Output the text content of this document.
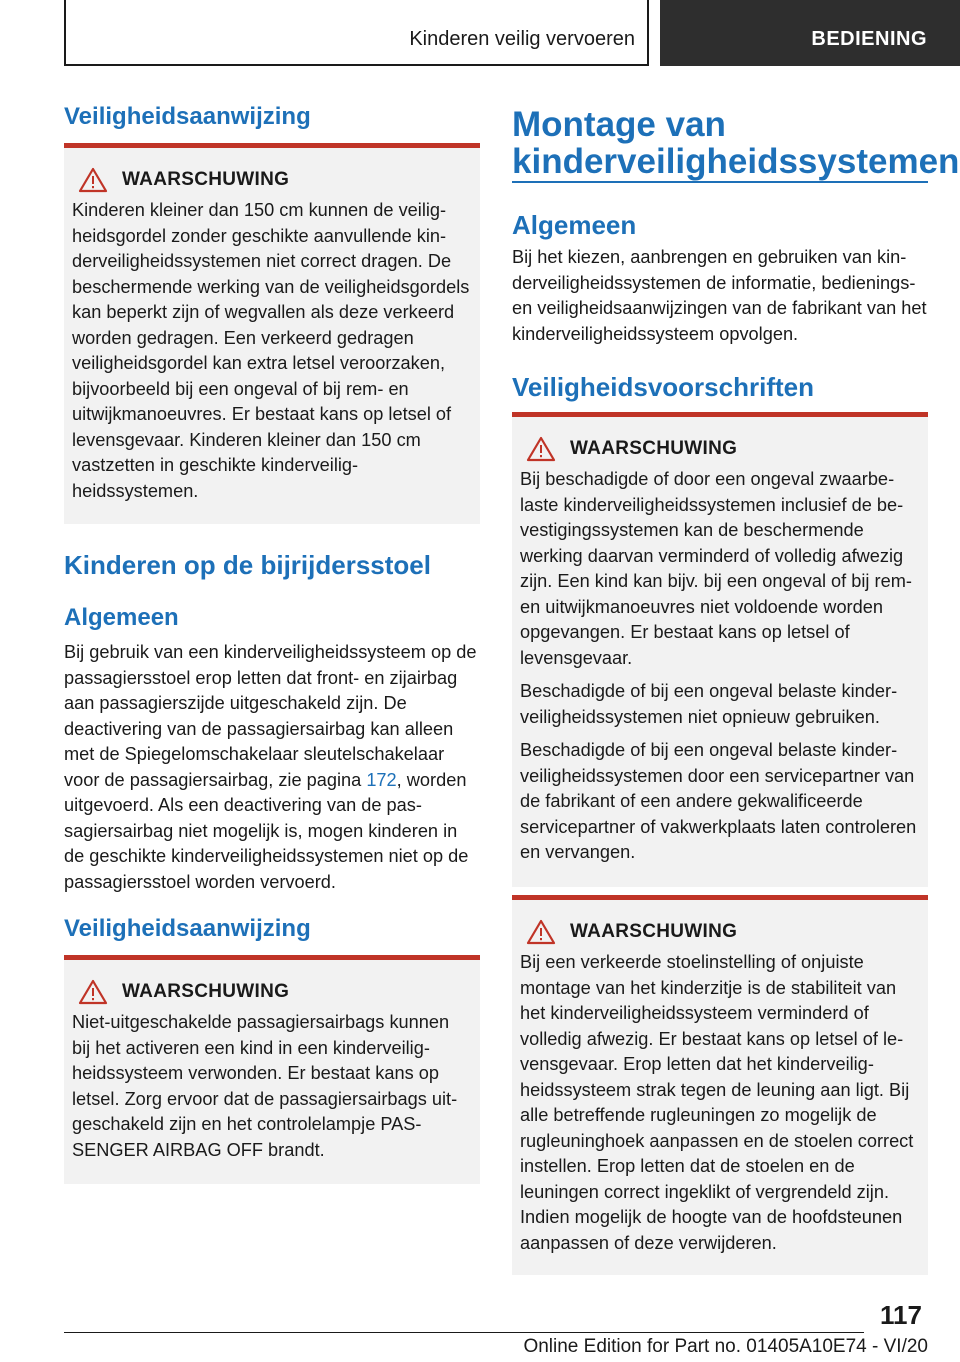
Kinderen veilig vervoeren	BEDIENING
Veiligheidsaanwijzing
WAARSCHUWING

Kinderen kleiner dan 150 cm kunnen de veiligheidsgordel zonder geschikte aanvullende kinderveiligheidssystemen niet correct dragen. De beschermende werking van de veiligheidsgordels kan beperkt zijn of wegvallen als deze verkeerd worden gedragen. Een verkeerd gedragen veiligheidsgordel kan extra letsel veroorzaken, bijvoorbeeld bij een ongeval of bij rem- en uitwijkmanoeuvres. Er bestaat kans op letsel of levensgevaar. Kinderen kleiner dan 150 cm vastzetten in geschikte kinderveiligheidssystemen.

Kinderen op de bijrijdersstoel
Algemeen

Bij gebruik van een kinderveiligheidssysteem op de passagiersstoel erop letten dat front- en zijairbag aan passagierszijde uitgeschakeld zijn. De deactivering van de passagiersairbag kan alleen met de Spiegelomschakelaar sleutelschakelaar voor de passagiersairbag, zie pagina 172, worden uitgevoerd. Als een deactivering van de passagiersairbag niet mogelijk is, mogen kinderen in de geschikte kinderveiligheidssystemen niet op de passagiersstoel worden vervoerd.

Veiligheidsaanwijzing
WAARSCHUWING

Niet-uitgeschakelde passagiersairbags kunnen bij het activeren een kind in een kinderveiligheidssysteem verwonden. Er bestaat kans op letsel. Zorg ervoor dat de passagiersairbags uitgeschakeld zijn en het controlelampje PASSENGER AIRBAG OFF brandt.

Montage van kinderveiligheidssystemen
Algemeen

Bij het kiezen, aanbrengen en gebruiken van kinderveiligheidssystemen de informatie, bedienings- en veiligheidsaanwijzingen van de fabrikant van het kinderveiligheidssysteem opvolgen.

Veiligheidsvoorschriften
WAARSCHUWING

Bij beschadigde of door een ongeval zwaarbelaste kinderveiligheidssystemen inclusief de bevestigingssystemen kan de beschermende werking daarvan verminderd of volledig afwezig zijn. Een kind kan bijv. bij een ongeval of bij rem- en uitwijkmanoeuvres niet voldoende worden opgevangen. Er bestaat kans op letsel of levensgevaar.

Beschadigde of bij een ongeval belaste kinderveiligheidssystemen niet opnieuw gebruiken.

Beschadigde of bij een ongeval belaste kinderveiligheidssystemen door een servicepartner van de fabrikant of een andere gekwalificeerde servicepartner of vakwerkplaats laten controleren en vervangen.

WAARSCHUWING

Bij een verkeerde stoelinstelling of onjuiste montage van het kinderzitje is de stabiliteit van het kinderveiligheidssysteem verminderd of volledig afwezig. Er bestaat kans op letsel of levensgevaar. Erop letten dat het kinderveiligheidssysteem strak tegen de leuning aan ligt. Bij alle betreffende rugleuningen zo mogelijk de rugleuninghoek aanpassen en de stoelen correct instellen. Erop letten dat de stoelen en de leuningen correct ingeklikt of vergrendeld zijn. Indien mogelijk de hoogte van de hoofdsteunen aanpassen of deze verwijderen.

117
Online Edition for Part no. 01405A10E74 - VI/20
